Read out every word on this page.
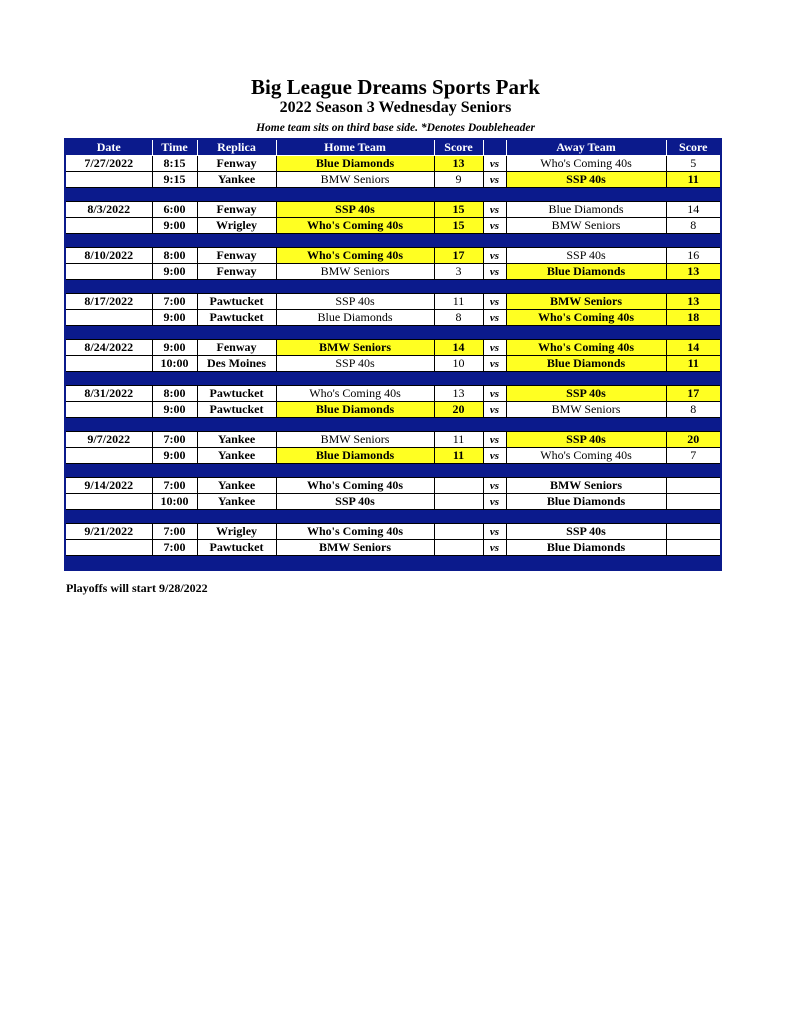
Big League Dreams Sports Park
2022 Season 3 Wednesday Seniors
Home team sits on third base side. *Denotes Doubleheader
Date	Time	Replica	Home Team	Score		Away Team	Score
7/27/2022	8:15	Fenway	Blue Diamonds	13	vs	Who's Coming 40s	5
	9:15	Yankee	BMW Seniors	9	vs	SSP 40s	11

8/3/2022	6:00	Fenway	SSP 40s	15	vs	Blue Diamonds	14
	9:00	Wrigley	Who's Coming 40s	15	vs	BMW Seniors	8

8/10/2022	8:00	Fenway	Who's Coming 40s	17	vs	SSP 40s	16
	9:00	Fenway	BMW Seniors	3	vs	Blue Diamonds	13

8/17/2022	7:00	Pawtucket	SSP 40s	11	vs	BMW Seniors	13
	9:00	Pawtucket	Blue Diamonds	8	vs	Who's Coming 40s	18

8/24/2022	9:00	Fenway	BMW Seniors	14	vs	Who's Coming 40s	14
	10:00	Des Moines	SSP 40s	10	vs	Blue Diamonds	11

8/31/2022	8:00	Pawtucket	Who's Coming 40s	13	vs	SSP 40s	17
	9:00	Pawtucket	Blue Diamonds	20	vs	BMW Seniors	8

9/7/2022	7:00	Yankee	BMW Seniors	11	vs	SSP 40s	20
	9:00	Yankee	Blue Diamonds	11	vs	Who's Coming 40s	7

9/14/2022	7:00	Yankee	Who's Coming 40s		vs	BMW Seniors	
	10:00	Yankee	SSP 40s		vs	Blue Diamonds	

9/21/2022	7:00	Wrigley	Who's Coming 40s		vs	SSP 40s	
	7:00	Pawtucket	BMW Seniors		vs	Blue Diamonds	

Playoffs will start 9/28/2022
